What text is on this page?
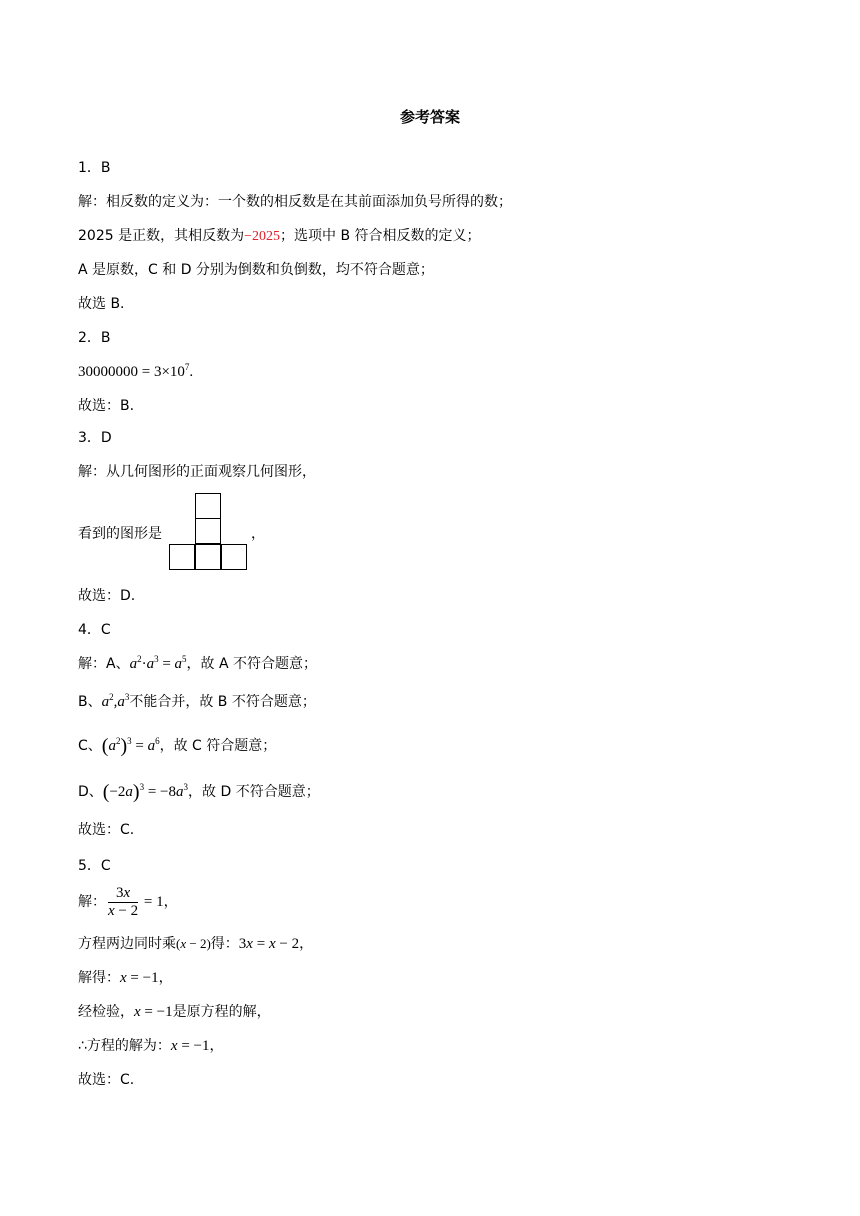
参考答案
1．B
解：相反数的定义为：一个数的相反数是在其前面添加负号所得的数；
2025 是正数，其相反数为−2025；选项中 B 符合相反数的定义；
A 是原数，C 和 D 分别为倒数和负倒数，均不符合题意；
故选 B.
2．B
$30000000 = 3\times 10^7$.
故选：B.
3．D
解：从几何图形的正面观察几何图形，
看到的图形是	，
故选：D.
4．C
解：A、$a^2\cdot a^3 = a^5$，故 A 不符合题意；
B、$a^2,a^3$不能合并，故 B 不符合题意；
C、$(a^2)^3 = a^6$，故 C 符合题意；
D、$(-2a)^3 = -8a^3$，故 D 不符合题意；
故选：C.
5．C
解： $\frac{3x}{x - 2} = 1$，
方程两边同时乘(x − 2)得：3x = x − 2，
解得：x = −1，
经检验，x = −1是原方程的解，
∴方程的解为：x = −1，
故选：C.
